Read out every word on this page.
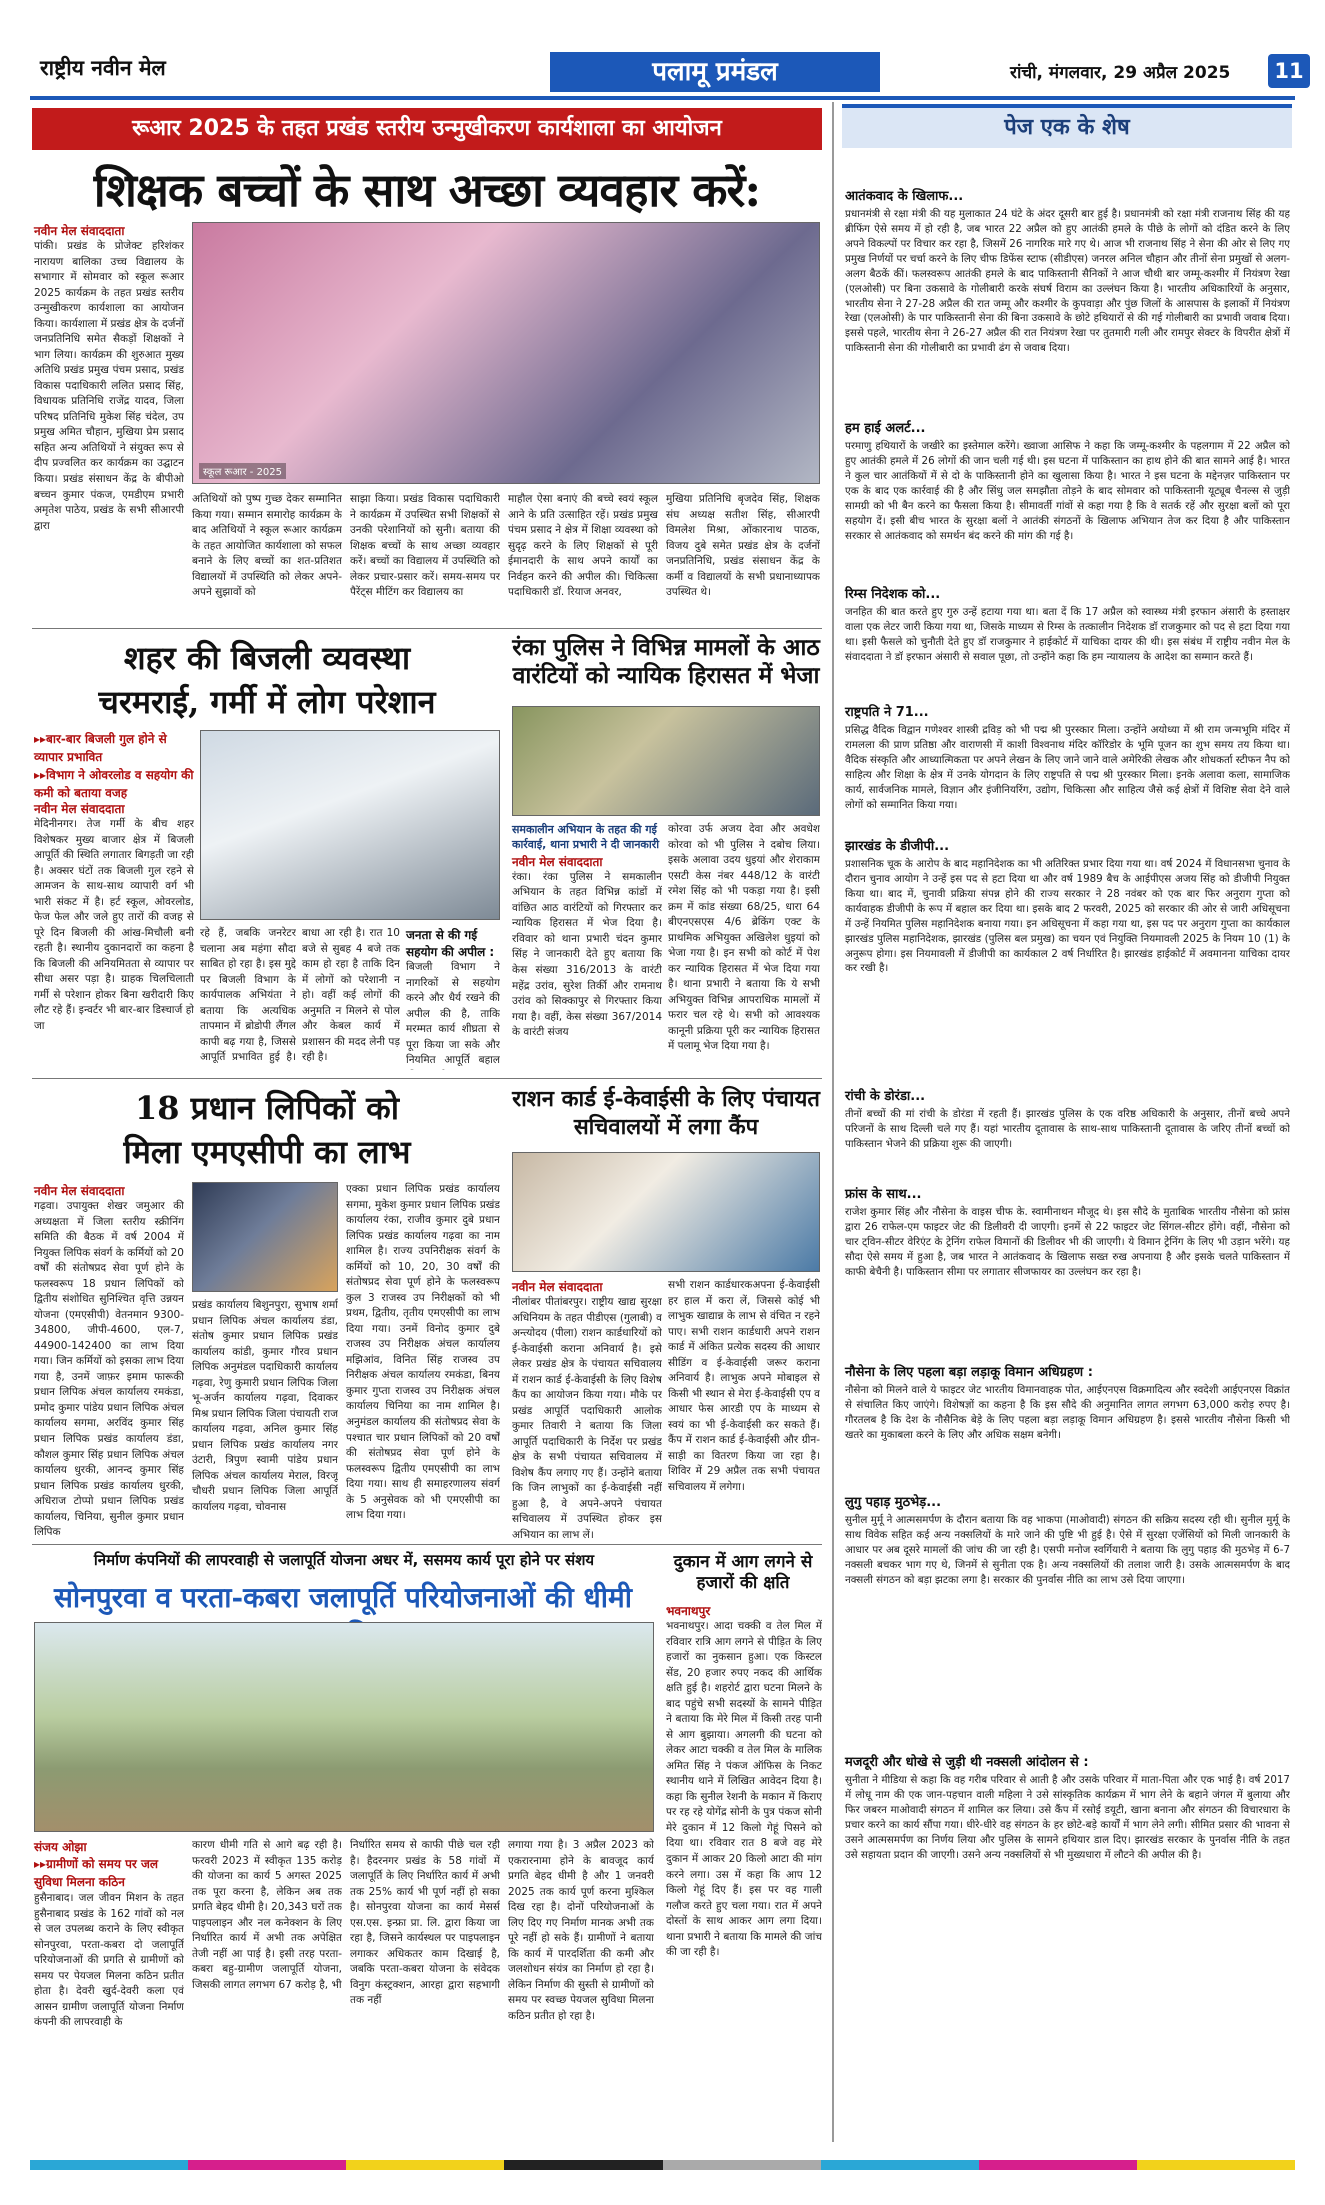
राष्ट्रीय नवीन मेल	पलामू प्रमंडल	रांची, मंगलवार, 29 अप्रैल 2025	11
रूआर 2025 के तहत प्रखंड स्तरीय उन्मुखीकरण कार्यशाला का आयोजन
शिक्षक बच्चों के साथ अच्छा व्यवहार करें:
नवीन मेल संवाददाता
पांकी। प्रखंड के प्रोजेक्ट हरिशंकर नारायण बालिका उच्च विद्यालय के सभागार में सोमवार को स्कूल रूआर 2025 कार्यक्रम के तहत प्रखंड स्तरीय उन्मुखीकरण कार्यशाला का आयोजन किया। कार्यशाला में प्रखंड क्षेत्र के दर्जनों जनप्रतिनिधि समेत सैकड़ों शिक्षकों ने भाग लिया। कार्यक्रम की शुरुआत मुख्य अतिथि प्रखंड प्रमुख पंचम प्रसाद, प्रखंड विकास पदाधिकारी ललित प्रसाद सिंह, विधायक प्रतिनिधि राजेंद्र यादव, जिला परिषद प्रतिनिधि मुकेश सिंह चंदेल, उप प्रमुख अमित चौहान, मुखिया प्रेम प्रसाद सहित अन्य अतिथियों ने संयुक्त रूप से दीप प्रज्वलित कर कार्यक्रम का उद्घाटन किया। प्रखंड संसाधन केंद्र के बीपीओ बच्चन कुमार पंकज, एमडीएम प्रभारी अमृतेश पाठेय, प्रखंड के सभी सीआरपी द्वारा
स्कूल रूआर - 2025
अतिथियों को पुष्प गुच्छ देकर सम्मानित किया गया। सम्मान समारोह कार्यक्रम के बाद अतिथियों ने स्कूल रूआर कार्यक्रम के तहत आयोजित कार्यशाला को सफल बनाने के लिए बच्चों का शत-प्रतिशत विद्यालयों में उपस्थिति को लेकर अपने-अपने सुझावों को
साझा किया। प्रखंड विकास पदाधिकारी ने कार्यक्रम में उपस्थित सभी शिक्षकों से उनकी परेशानियों को सुनी। बताया की शिक्षक बच्चों के साथ अच्छा व्यवहार करें। बच्चों का विद्यालय में उपस्थिति को लेकर प्रचार-प्रसार करें। समय-समय पर पैरेंट्स मीटिंग कर विद्यालय का
माहौल ऐसा बनाएं की बच्चे स्वयं स्कूल आने के प्रति उत्साहित रहें। प्रखंड प्रमुख पंचम प्रसाद ने क्षेत्र में शिक्षा व्यवस्था को सुदृढ़ करने के लिए शिक्षकों से पूरी ईमानदारी के साथ अपने कार्यों का निर्वहन करने की अपील की। चिकित्सा पदाधिकारी डॉ. रियाज अनवर,
मुखिया प्रतिनिधि बृजदेव सिंह, शिक्षक संघ अध्यक्ष सतीश सिंह, सीआरपी विमलेश मिश्रा, ओंकारनाथ पाठक, विजय दुबे समेत प्रखंड क्षेत्र के दर्जनों जनप्रतिनिधि, प्रखंड संसाधन केंद्र के कर्मी व विद्यालयों के सभी प्रधानाध्यापक उपस्थित थे।
शहर की बिजली व्यवस्था
चरमराई, गर्मी में लोग परेशान
▸▸ बार-बार बिजली गुल होने से व्यापार प्रभावित
▸▸ विभाग ने ओवरलोड व सहयोग की कमी को बताया वजह
नवीन मेल संवाददाता
मेदिनीनगर। तेज गर्मी के बीच शहर विशेषकर मुख्य बाजार क्षेत्र में बिजली आपूर्ति की स्थिति लगातार बिगड़ती जा रही है। अक्सर घंटों तक बिजली गुल रहने से आमजन के साथ-साथ व्यापारी वर्ग भी भारी संकट में है। हर्ट स्कूल, ओवरलोड, फेज फेल और जले हुए तारों की वजह से पूरे दिन बिजली की आंख-मिचौली बनी रहती है। स्थानीय दुकानदारों का कहना है कि बिजली की अनियमितता से व्यापार पर सीधा असर पड़ा है। ग्राहक चिलचिलाती गर्मी से परेशान होकर बिना खरीदारी किए लौट रहे हैं। इन्वर्टर भी बार-बार डिस्चार्ज हो जा
रहे हैं, जबकि जनरेटर चलाना अब महंगा सौदा साबित हो रहा है। इस मुद्दे पर बिजली विभाग के कार्यपालक अभियंता ने बताया कि अत्यधिक तापमान में ब्रोडोपी लैंगल कापी बढ़ गया है, जिससे आपूर्ति प्रभावित हुई है।
बाधा आ रही है। रात 10 बजे से सुबह 4 बजे तक काम हो रहा है ताकि दिन में लोगों को परेशानी न हो। वहीं कई लोगों की अनुमति न मिलने से पोल और केबल कार्य में प्रशासन की मदद लेनी पड़ रही है।
जनता से की गई सहयोग की अपील :
बिजली विभाग ने नागरिकों से सहयोग करने और धैर्य रखने की अपील की है, ताकि मरम्मत कार्य शीघ्रता से पूरा किया जा सके और नियमित आपूर्ति बहाल
रंका पुलिस ने विभिन्न मामलों के आठ वारंटियों को न्यायिक हिरासत में भेजा
समकालीन अभियान के तहत की गई कार्रवाई, थाना प्रभारी ने दी जानकारी
नवीन मेल संवाददाता
रंका। रंका पुलिस ने समकालीन अभियान के तहत विभिन्न कांडों में वांछित आठ वारंटियों को गिरफ्तार कर न्यायिक हिरासत में भेज दिया है। रविवार को थाना प्रभारी चंदन कुमार सिंह ने जानकारी देते हुए बताया कि केस संख्या 316/2013 के वारंटी महेंद्र उरांव, सुरेश तिर्की और रामनाथ उरांव को सिक्कापुर से गिरफ्तार किया गया है। वहीं, केस संख्या 367/2014 के वारंटी संजय
कोरवा उर्फ अजय देवा और अवधेश कोरवा को भी पुलिस ने दबोच लिया। इसके अलावा उदय धुइयां और शेराकाम एसटी केस नंबर 448/12 के वारंटी रमेश सिंह को भी पकड़ा गया है। इसी क्रम में कांड संख्या 68/25, धारा 64 बीएनएसएस 4/6 ब्रेकिंग एक्ट के प्राथमिक अभियुक्त अखिलेश धुइयां को भेजा गया है। इन सभी को कोर्ट में पेश कर न्यायिक हिरासत में भेज दिया गया है। थाना प्रभारी ने बताया कि ये सभी अभियुक्त विभिन्न आपराधिक मामलों में फरार चल रहे थे। सभी को आवश्यक कानूनी प्रक्रिया पूरी कर न्यायिक हिरासत में पलामू भेज दिया गया है।
18 प्रधान लिपिकों को
मिला एमएसीपी का लाभ
नवीन मेल संवाददाता
गढ़वा। उपायुक्त शेखर जमुआर की अध्यक्षता में जिला स्तरीय स्क्रीनिंग समिति की बैठक में वर्ष 2004 में नियुक्त लिपिक संवर्ग के कर्मियों को 20 वर्षों की संतोषप्रद सेवा पूर्ण होने के फलस्वरूप 18 प्रधान लिपिकों को द्वितीय संशोधित सुनिश्चित वृत्ति उन्नयन योजना (एमएसीपी) वेतनमान 9300-34800, जीपी-4600, एल-7, 44900-142400 का लाभ दिया गया। जिन कर्मियों को इसका लाभ दिया गया है, उनमें जाफ़र इमाम फारूकी प्रधान लिपिक अंचल कार्यालय रमकंडा, प्रमोद कुमार पांडेय प्रधान लिपिक अंचल कार्यालय सगमा, अरविंद कुमार सिंह प्रधान लिपिक प्रखंड कार्यालय डंडा, कौशल कुमार सिंह प्रधान लिपिक अंचल कार्यालय धुरकी, आनन्द कुमार सिंह प्रधान लिपिक प्रखंड कार्यालय धुरकी, अधिराज टोप्पो प्रधान लिपिक प्रखंड कार्यालय, चिनिया, सुनील कुमार प्रधान लिपिक
प्रखंड कार्यालय बिशुनपुरा, सुभाष शर्मा प्रधान लिपिक अंचल कार्यालय डंडा, संतोष कुमार प्रधान लिपिक प्रखंड कार्यालय कांडी, कुमार गौरव प्रधान लिपिक अनुमंडल पदाधिकारी कार्यालय गढ़वा, रेणु कुमारी प्रधान लिपिक जिला भू-अर्जन कार्यालय गढ़वा, दिवाकर मिश्र प्रधान लिपिक जिला पंचायती राज कार्यालय गढ़वा, अनिल कुमार सिंह प्रधान लिपिक प्रखंड कार्यालय नगर उंटारी, त्रिपुण स्वामी पांडेय प्रधान लिपिक अंचल कार्यालय मेराल, विरजू चौधरी प्रधान लिपिक जिला आपूर्ति कार्यालय गढ़वा, चोवनास
एक्का प्रधान लिपिक प्रखंड कार्यालय सगमा, मुकेश कुमार प्रधान लिपिक प्रखंड कार्यालय रंका, राजीव कुमार दुबे प्रधान लिपिक प्रखंड कार्यालय गढ़वा का नाम शामिल है। राज्य उपनिरीक्षक संवर्ग के कर्मियों को 10, 20, 30 वर्षों की संतोषप्रद सेवा पूर्ण होने के फलस्वरूप कुल 3 राजस्व उप निरीक्षकों को भी प्रथम, द्वितीय, तृतीय एमएसीपी का लाभ दिया गया। उनमें विनोद कुमार दुबे राजस्व उप निरीक्षक अंचल कार्यालय मझिआंव, विनित सिंह राजस्व उप निरीक्षक अंचल कार्यालय रमकंडा, बिनय कुमार गुप्ता राजस्व उप निरीक्षक अंचल कार्यालय चिनिया का नाम शामिल है। अनुमंडल कार्यालय की संतोषप्रद सेवा के पश्चात चार प्रधान लिपिकों को 20 वर्षों की संतोषप्रद सेवा पूर्ण होने के फलस्वरूप द्वितीय एमएसीपी का लाभ दिया गया। साथ ही समाहरणालय संवर्ग के 5 अनुसेवक को भी एमएसीपी का लाभ दिया गया।
राशन कार्ड ई-केवाईसी के लिए पंचायत सचिवालयों में लगा कैंप
नवीन मेल संवाददाता
नीलांबर पीतांबरपुर। राष्ट्रीय खाद्य सुरक्षा अधिनियम के तहत पीडीएस (गुलाबी) व अन्त्योदय (पीला) राशन कार्डधारियों को ई-केवाईसी कराना अनिवार्य है। इसे लेकर प्रखंड क्षेत्र के पंचायत सचिवालय में राशन कार्ड ई-केवाईसी के लिए विशेष कैंप का आयोजन किया गया। मौके पर प्रखंड आपूर्ति पदाधिकारी आलोक कुमार तिवारी ने बताया कि जिला आपूर्ति पदाधिकारी के निर्देश पर प्रखंड क्षेत्र के सभी पंचायत सचिवालय में विशेष कैंप लगाए गए हैं। उन्होंने बताया कि जिन लाभुकों का ई-केवाईसी नहीं हुआ है, वे अपने-अपने पंचायत सचिवालय में उपस्थित होकर इस अभियान का लाभ लें।
सभी राशन कार्डधारकअपना ई-केवाईसी हर हाल में करा लें, जिससे कोई भी लाभुक खाद्यान्न के लाभ से वंचित न रहने पाए। सभी राशन कार्डधारी अपने राशन कार्ड में अंकित प्रत्येक सदस्य की आधार सीडिंग व ई-केवाईसी जरूर कराना अनिवार्य है। लाभुक अपने मोबाइल से किसी भी स्थान से मेरा ई-केवाईसी एप व आधार फेस आरडी एप के माध्यम से स्वयं का भी ई-केवाईसी कर सकते हैं। कैंप में राशन कार्ड ई-केवाईसी और ग्रीन-साड़ी का वितरण किया जा रहा है। शिविर में 29 अप्रैल तक सभी पंचायत सचिवालय में लगेगा।
निर्माण कंपनियों की लापरवाही से जलापूर्ति योजना अधर में, ससमय कार्य पूरा होने पर संशय
सोनपुरवा व परता-कबरा जलापूर्ति परियोजनाओं की धीमी
संजय ओझा
▸▸ ग्रामीणों को समय पर जल सुविधा मिलना कठिन
हुसैनाबाद। जल जीवन मिशन के तहत हुसैनाबाद प्रखंड के 162 गांवों को नल से जल उपलब्ध कराने के लिए स्वीकृत सोनपुरवा, परता-कबरा दो जलापूर्ति परियोजनाओं की प्रगति से ग्रामीणों को समय पर पेयजल मिलना कठिन प्रतीत होता है। देवरी खुर्द-देवरी कला एवं आसन ग्रामीण जलापूर्ति योजना निर्माण कंपनी की लापरवाही के
कारण धीमी गति से आगे बढ़ रही है। फरवरी 2023 में स्वीकृत 135 करोड़ की योजना का कार्य 5 अगस्त 2025 तक पूरा करना है, लेकिन अब तक प्रगति बेहद धीमी है। 20,343 घरों तक पाइपलाइन और नल कनेक्शन के लिए निर्धारित कार्य में अभी तक अपेक्षित तेजी नहीं आ पाई है। इसी तरह परता-कबरा बहु-ग्रामीण जलापूर्ति योजना, जिसकी लागत लगभग 67 करोड़ है, भी
निर्धारित समय से काफी पीछे चल रही है। हैदरनगर प्रखंड के 58 गांवों में जलापूर्ति के लिए निर्धारित कार्य में अभी तक 25% कार्य भी पूर्ण नहीं हो सका है। सोनपुरवा योजना का कार्य मेसर्स एस.एस. इन्फ्रा प्रा. लि. द्वारा किया जा रहा है, जिसने कार्यस्थल पर पाइपलाइन लगाकर अधिकतर काम दिखाई है, जबकि परता-कबरा योजना के संवेदक विनुग कंस्ट्रक्शन, आरहा द्वारा सहभागी तक नहीं
लगाया गया है। 3 अप्रैल 2023 को एकरारनामा होने के बावजूद कार्य प्रगति बेहद धीमी है और 1 जनवरी 2025 तक कार्य पूर्ण करना मुश्किल दिख रहा है। दोनों परियोजनाओं के लिए दिए गए निर्माण मानक अभी तक पूरे नहीं हो सके हैं। ग्रामीणों ने बताया कि कार्य में पारदर्शिता की कमी और जलशोधन संयंत्र का निर्माण हो रहा है। लेकिन निर्माण की सुस्ती से ग्रामीणों को समय पर स्वच्छ पेयजल सुविधा मिलना कठिन प्रतीत हो रहा है।
दुकान में आग लगने से हजारों की क्षति
भवनाथपुर
भवनाथपुर। आदा चक्की व तेल मिल में रविवार रात्रि आग लगने से पीड़ित के लिए हजारों का नुकसान हुआ। एक किस्टल सेंड, 20 हजार रुपए नकद की आर्थिक क्षति हुई है। शहरोर्ट द्वारा घटना मिलने के बाद पहुंचे सभी सदस्यों के सामने पीड़ित ने बताया कि मेरे मिल में किसी तरह पानी से आग बुझाया। अगलगी की घटना को लेकर आटा चक्की व तेल मिल के मालिक अमित सिंह ने पंकज ऑफिस के निकट स्थानीय थाने में लिखित आवेदन दिया है। कहा कि सुनील रेशनी के मकान में किराए पर रह रहे योगेंद्र सोनी के पुत्र पंकज सोनी मेरे दुकान में 12 किलो गेहूं पिसने को दिया था। रविवार रात 8 बजे वह मेरे दुकान में आकर 20 किलो आटा की मांग करने लगा। उस में कहा कि आप 12 किलो गेहूं दिए हैं। इस पर वह गाली गलौज करते हुए चला गया। रात में अपने दोस्तों के साथ आकर आग लगा दिया। थाना प्रभारी ने बताया कि मामले की जांच की जा रही है।
पेज एक के शेष
आतंकवाद के खिलाफ...

प्रधानमंत्री से रक्षा मंत्री की यह मुलाकात 24 घंटे के अंदर दूसरी बार हुई है। प्रधानमंत्री को रक्षा मंत्री राजनाथ सिंह की यह ब्रीफिंग ऐसे समय में हो रही है, जब भारत 22 अप्रैल को हुए आतंकी हमले के पीछे के लोगों को दंडित करने के लिए अपने विकल्पों पर विचार कर रहा है, जिसमें 26 नागरिक मारे गए थे। आज भी राजनाथ सिंह ने सेना की ओर से लिए गए प्रमुख निर्णयों पर चर्चा करने के लिए चीफ डिफेंस स्टाफ (सीडीएस) जनरल अनिल चौहान और तीनों सेना प्रमुखों से अलग-अलग बैठकें कीं। फलस्वरूप आतंकी हमले के बाद पाकिस्तानी सैनिकों ने आज चौथी बार जम्मू-कश्मीर में नियंत्रण रेखा (एलओसी) पर बिना उकसावे के गोलीबारी करके संघर्ष विराम का उल्लंघन किया है। भारतीय अधिकारियों के अनुसार, भारतीय सेना ने 27-28 अप्रैल की रात जम्मू और कश्मीर के कुपवाड़ा और पुंछ जिलों के आसपास के इलाकों में नियंत्रण रेखा (एलओसी) के पार पाकिस्तानी सेना की बिना उकसावे के छोटे हथियारों से की गई गोलीबारी का प्रभावी जवाब दिया। इससे पहले, भारतीय सेना ने 26-27 अप्रैल की रात नियंत्रण रेखा पर तुतमारी गली और रामपुर सेक्टर के विपरीत क्षेत्रों में पाकिस्तानी सेना की गोलीबारी का प्रभावी ढंग से जवाब दिया।

हम हाई अलर्ट...

परमाणु हथियारों के जखीरे का इस्तेमाल करेंगे। ख्वाजा आसिफ ने कहा कि जम्मू-कश्मीर के पहलगाम में 22 अप्रैल को हुए आतंकी हमले में 26 लोगों की जान चली गई थी। इस घटना में पाकिस्तान का हाथ होने की बात सामने आई है। भारत ने कुल चार आतंकियों में से दो के पाकिस्तानी होने का खुलासा किया है। भारत ने इस घटना के मद्देनज़र पाकिस्तान पर एक के बाद एक कार्रवाई की है और सिंधु जल समझौता तोड़ने के बाद सोमवार को पाकिस्तानी यूट्यूब चैनल्स से जुड़ी सामग्री को भी बैन करने का फैसला किया है। सीमावर्ती गांवों से कहा गया है कि वे सतर्क रहें और सुरक्षा बलों को पूरा सहयोग दें। इसी बीच भारत के सुरक्षा बलों ने आतंकी संगठनों के खिलाफ अभियान तेज कर दिया है और पाकिस्तान सरकार से आतंकवाद को समर्थन बंद करने की मांग की गई है।

रिम्स निदेशक को...

जनहित की बात करते हुए गुरु उन्हें हटाया गया था। बता दें कि 17 अप्रैल को स्वास्थ्य मंत्री इरफान अंसारी के हस्ताक्षर वाला एक लेटर जारी किया गया था, जिसके माध्यम से रिम्स के तत्कालीन निदेशक डॉ राजकुमार को पद से हटा दिया गया था। इसी फैसले को चुनौती देते हुए डॉ राजकुमार ने हाईकोर्ट में याचिका दायर की थी। इस संबंध में राष्ट्रीय नवीन मेल के संवाददाता ने डॉ इरफान अंसारी से सवाल पूछा, तो उन्होंने कहा कि हम न्यायालय के आदेश का सम्मान करते हैं।

राष्ट्रपति ने 71...

प्रसिद्ध वैदिक विद्वान गणेश्वर शास्त्री द्रविड़ को भी पद्म श्री पुरस्कार मिला। उन्होंने अयोध्या में श्री राम जन्मभूमि मंदिर में रामलला की प्राण प्रतिष्ठा और वाराणसी में काशी विश्वनाथ मंदिर कॉरिडोर के भूमि पूजन का शुभ समय तय किया था। वैदिक संस्कृति और आध्यात्मिकता पर अपने लेखन के लिए जाने जाने वाले अमेरिकी लेखक और शोधकर्ता स्टीफन नैप को साहित्य और शिक्षा के क्षेत्र में उनके योगदान के लिए राष्ट्रपति से पद्म श्री पुरस्कार मिला। इनके अलावा कला, सामाजिक कार्य, सार्वजनिक मामले, विज्ञान और इंजीनियरिंग, उद्योग, चिकित्सा और साहित्य जैसे कई क्षेत्रों में विशिष्ट सेवा देने वाले लोगों को सम्मानित किया गया।

झारखंड के डीजीपी...

प्रशासनिक चूक के आरोप के बाद महानिदेशक का भी अतिरिक्त प्रभार दिया गया था। वर्ष 2024 में विधानसभा चुनाव के दौरान चुनाव आयोग ने उन्हें इस पद से हटा दिया था और वर्ष 1989 बैच के आईपीएस अजय सिंह को डीजीपी नियुक्त किया था। बाद में, चुनावी प्रक्रिया संपन्न होने की राज्य सरकार ने 28 नवंबर को एक बार फिर अनुराग गुप्ता को कार्यवाहक डीजीपी के रूप में बहाल कर दिया था। इसके बाद 2 फरवरी, 2025 को सरकार की ओर से जारी अधिसूचना में उन्हें नियमित पुलिस महानिदेशक बनाया गया। इन अधिसूचना में कहा गया था, इस पद पर अनुराग गुप्ता का कार्यकाल झारखंड पुलिस महानिदेशक, झारखंड (पुलिस बल प्रमुख) का चयन एवं नियुक्ति नियमावली 2025 के नियम 10 (1) के अनुरूप होगा। इस नियमावली में डीजीपी का कार्यकाल 2 वर्ष निर्धारित है। झारखंड हाईकोर्ट में अवमानना याचिका दायर कर रखी है।

रांची के डोरंडा...

तीनों बच्चों की मां रांची के डोरंडा में रहती हैं। झारखंड पुलिस के एक वरिष्ठ अधिकारी के अनुसार, तीनों बच्चे अपने परिजनों के साथ दिल्ली चले गए हैं। यहां भारतीय दूतावास के साथ-साथ पाकिस्तानी दूतावास के जरिए तीनों बच्चों को पाकिस्तान भेजने की प्रक्रिया शुरू की जाएगी।

फ्रांस के साथ...

राजेश कुमार सिंह और नौसेना के वाइस चीफ के. स्वामीनाथन मौजूद थे। इस सौदे के मुताबिक भारतीय नौसेना को फ्रांस द्वारा 26 राफेल-एम फाइटर जेट की डिलीवरी दी जाएगी। इनमें से 22 फाइटर जेट सिंगल-सीटर होंगे। वहीं, नौसेना को चार ट्विन-सीटर वेरिएंट के ट्रेनिंग राफेल विमानों की डिलीवर भी की जाएगी। ये विमान ट्रेनिंग के लिए भी उड़ान भरेंगे। यह सौदा ऐसे समय में हुआ है, जब भारत ने आतंकवाद के खिलाफ सख्त रुख अपनाया है और इसके चलते पाकिस्तान में काफी बेचैनी है। पाकिस्तान सीमा पर लगातार सीजफायर का उल्लंघन कर रहा है।

नौसेना के लिए पहला बड़ा लड़ाकू विमान अधिग्रहण :

नौसेना को मिलने वाले ये फाइटर जेट भारतीय विमानवाहक पोत, आईएनएस विक्रमादित्य और स्वदेशी आईएनएस विक्रांत से संचालित किए जाएंगे। विशेषज्ञों का कहना है कि इस सौदे की अनुमानित लागत लगभग 63,000 करोड़ रुपए है। गौरतलब है कि देश के नौसैनिक बेड़े के लिए पहला बड़ा लड़ाकू विमान अधिग्रहण है। इससे भारतीय नौसेना किसी भी खतरे का मुकाबला करने के लिए और अधिक सक्षम बनेगी।

लुगु पहाड़ मुठभेड़...

सुनील मुर्मू ने आत्मसमर्पण के दौरान बताया कि वह भाकपा (माओवादी) संगठन की सक्रिय सदस्य रही थी। सुनील मुर्मू के साथ विवेक सहित कई अन्य नक्सलियों के मारे जाने की पुष्टि भी हुई है। ऐसे में सुरक्षा एजेंसियों को मिली जानकारी के आधार पर अब दूसरे मामलों की जांच की जा रही है। एसपी मनोज स्वर्गियारी ने बताया कि लुगु पहाड़ की मुठभेड़ में 6-7 नक्सली बचकर भाग गए थे, जिनमें से सुनीता एक है। अन्य नक्सलियों की तलाश जारी है। उसके आत्मसमर्पण के बाद नक्सली संगठन को बड़ा झटका लगा है। सरकार की पुनर्वास नीति का लाभ उसे दिया जाएगा।

मजदूरी और धोखे से जुड़ी थी नक्सली आंदोलन से :

सुनीता ने मीडिया से कहा कि वह गरीब परिवार से आती है और उसके परिवार में माता-पिता और एक भाई है। वर्ष 2017 में लोधू नाम की एक जान-पहचान वाली महिला ने उसे सांस्कृतिक कार्यक्रम में भाग लेने के बहाने जंगल में बुलाया और फिर जबरन माओवादी संगठन में शामिल कर लिया। उसे कैंप में रसोई डयूटी, खाना बनाना और संगठन की विचारधारा के प्रचार करने का कार्य सौंपा गया। धीरे-धीरे वह संगठन के हर छोटे-बड़े कार्यों में भाग लेने लगी। सीमित प्रसार की भावना से उसने आत्मसमर्पण का निर्णय लिया और पुलिस के सामने हथियार डाल दिए। झारखंड सरकार के पुनर्वास नीति के तहत उसे सहायता प्रदान की जाएगी। उसने अन्य नक्सलियों से भी मुख्यधारा में लौटने की अपील की है।
